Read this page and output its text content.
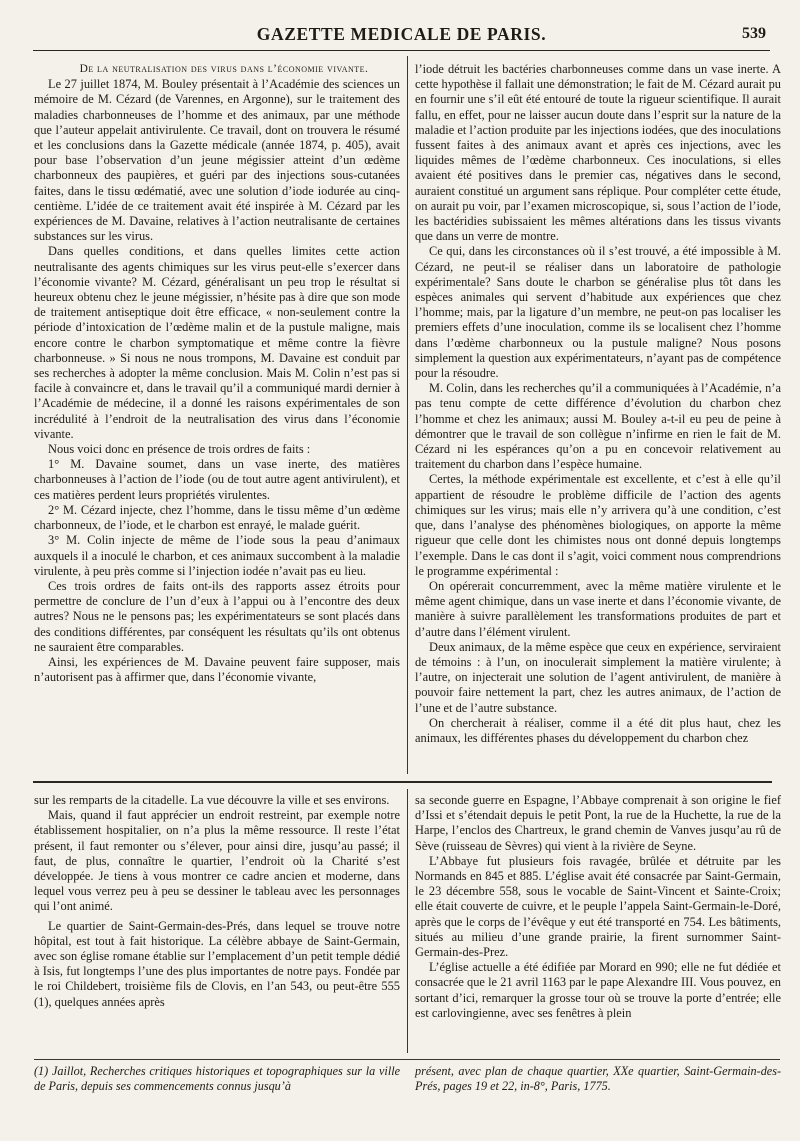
GAZETTE MEDICALE DE PARIS.	539

De la neutralisation des virus dans l’économie vivante.

Le 27 juillet 1874, M. Bouley présentait à l’Académie des sciences un mémoire de M. Cézard (de Varennes, en Argonne), sur le traitement des maladies charbonneuses de l’homme et des animaux, par une méthode que l’auteur appelait antivirulente. Ce travail, dont on trouvera le résumé et les conclusions dans la Gazette médicale (année 1874, p. 405), avait pour base l’observation d’un jeune mégissier atteint d’un œdème charbonneux des paupières, et guéri par des injections sous-cutanées faites, dans le tissu œdématié, avec une solution d’iode iodurée au cinq-centième. L’idée de ce traitement avait été inspirée à M. Cézard par les expériences de M. Davaine, relatives à l’action neutralisante de certaines substances sur les virus.

Dans quelles conditions, et dans quelles limites cette action neutralisante des agents chimiques sur les virus peut-elle s’exercer dans l’économie vivante? M. Cézard, généralisant un peu trop le résultat si heureux obtenu chez le jeune mégissier, n’hésite pas à dire que son mode de traitement antiseptique doit être efficace, « non-seulement contre la période d’intoxication de l’œdème malin et de la pustule maligne, mais encore contre le charbon symptomatique et même contre la fièvre charbonneuse. » Si nous ne nous trompons, M. Davaine est conduit par ses recherches à adopter la même conclusion. Mais M. Colin n’est pas si facile à convaincre et, dans le travail qu’il a communiqué mardi dernier à l’Académie de médecine, il a donné les raisons expérimentales de son incrédulité à l’endroit de la neutralisation des virus dans l’économie vivante.

Nous voici donc en présence de trois ordres de faits :

1° M. Davaine soumet, dans un vase inerte, des matières charbonneuses à l’action de l’iode (ou de tout autre agent antivirulent), et ces matières perdent leurs propriétés virulentes.

2° M. Cézard injecte, chez l’homme, dans le tissu même d’un œdème charbonneux, de l’iode, et le charbon est enrayé, le malade guérit.

3° M. Colin injecte de même de l’iode sous la peau d’animaux auxquels il a inoculé le charbon, et ces animaux succombent à la maladie virulente, à peu près comme si l’injection iodée n’avait pas eu lieu.

Ces trois ordres de faits ont-ils des rapports assez étroits pour permettre de conclure de l’un d’eux à l’appui ou à l’encontre des deux autres? Nous ne le pensons pas; les expérimentateurs se sont placés dans des conditions différentes, par conséquent les résultats qu’ils ont obtenus ne sauraient être comparables.

Ainsi, les expériences de M. Davaine peuvent faire supposer, mais n’autorisent pas à affirmer que, dans l’économie vivante,

l’iode détruit les bactéries charbonneuses comme dans un vase inerte. A cette hypothèse il fallait une démonstration; le fait de M. Cézard aurait pu en fournir une s’il eût été entouré de toute la rigueur scientifique. Il aurait fallu, en effet, pour ne laisser aucun doute dans l’esprit sur la nature de la maladie et l’action produite par les injections iodées, que des inoculations fussent faites à des animaux avant et après ces injections, avec les liquides mêmes de l’œdème charbonneux. Ces inoculations, si elles avaient été positives dans le premier cas, négatives dans le second, auraient constitué un argument sans réplique. Pour compléter cette étude, on aurait pu voir, par l’examen microscopique, si, sous l’action de l’iode, les bactéridies subissaient les mêmes altérations dans les tissus vivants que dans un verre de montre.

Ce qui, dans les circonstances où il s’est trouvé, a été impossible à M. Cézard, ne peut-il se réaliser dans un laboratoire de pathologie expérimentale? Sans doute le charbon se généralise plus tôt dans les espèces animales qui servent d’habitude aux expériences que chez l’homme; mais, par la ligature d’un membre, ne peut-on pas localiser les premiers effets d’une inoculation, comme ils se localisent chez l’homme dans l’œdème charbonneux ou la pustule maligne? Nous posons simplement la question aux expérimentateurs, n’ayant pas de compétence pour la résoudre.

M. Colin, dans les recherches qu’il a communiquées à l’Académie, n’a pas tenu compte de cette différence d’évolution du charbon chez l’homme et chez les animaux; aussi M. Bouley a-t-il eu peu de peine à démontrer que le travail de son collègue n’infirme en rien le fait de M. Cézard ni les espérances qu’on a pu en concevoir relativement au traitement du charbon dans l’espèce humaine.

Certes, la méthode expérimentale est excellente, et c’est à elle qu’il appartient de résoudre le problème difficile de l’action des agents chimiques sur les virus; mais elle n’y arrivera qu’à une condition, c’est que, dans l’analyse des phénomènes biologiques, on apporte la même rigueur que celle dont les chimistes nous ont donné depuis longtemps l’exemple. Dans le cas dont il s’agit, voici comment nous comprendrions le programme expérimental :

On opérerait concurremment, avec la même matière virulente et le même agent chimique, dans un vase inerte et dans l’économie vivante, de manière à suivre parallèlement les transformations produites de part et d’autre dans l’élément virulent.

Deux animaux, de la même espèce que ceux en expérience, serviraient de témoins : à l’un, on inoculerait simplement la matière virulente; à l’autre, on injecterait une solution de l’agent antivirulent, de manière à pouvoir faire nettement la part, chez les autres animaux, de l’action de l’une et de l’autre substance.

On chercherait à réaliser, comme il a été dit plus haut, chez les animaux, les différentes phases du développement du charbon chez

sur les remparts de la citadelle. La vue découvre la ville et ses environs.

Mais, quand il faut apprécier un endroit restreint, par exemple notre établissement hospitalier, on n’a plus la même ressource. Il reste l’état présent, il faut remonter ou s’élever, pour ainsi dire, jusqu’au passé; il faut, de plus, connaître le quartier, l’endroit où la Charité s’est développée. Je tiens à vous montrer ce cadre ancien et moderne, dans lequel vous verrez peu à peu se dessiner le tableau avec les personnages qui l’ont animé.

Le quartier de Saint-Germain-des-Prés, dans lequel se trouve notre hôpital, est tout à fait historique. La célèbre abbaye de Saint-Germain, avec son église romane établie sur l’emplacement d’un petit temple dédié à Isis, fut longtemps l’une des plus importantes de notre pays. Fondée par le roi Childebert, troisième fils de Clovis, en l’an 543, ou peut-être 555 (1), quelques années après

sa seconde guerre en Espagne, l’Abbaye comprenait à son origine le fief d’Issi et s’étendait depuis le petit Pont, la rue de la Huchette, la rue de la Harpe, l’enclos des Chartreux, le grand chemin de Vanves jusqu’au rû de Sève (ruisseau de Sèvres) qui vient à la rivière de Seyne.

L’Abbaye fut plusieurs fois ravagée, brûlée et détruite par les Normands en 845 et 885. L’église avait été consacrée par Saint-Germain, le 23 décembre 558, sous le vocable de Saint-Vincent et Sainte-Croix; elle était couverte de cuivre, et le peuple l’appela Saint-Germain-le-Doré, après que le corps de l’évêque y eut été transporté en 754. Les bâtiments, situés au milieu d’une grande prairie, la firent surnommer Saint-Germain-des-Prez.

L’église actuelle a été édifiée par Morard en 990; elle ne fut dédiée et consacrée que le 21 avril 1163 par le pape Alexandre III. Vous pouvez, en sortant d’ici, remarquer la grosse tour où se trouve la porte d’entrée; elle est carlovingienne, avec ses fenêtres à plein

(1) Jaillot, Recherches critiques historiques et topographiques sur la ville de Paris, depuis ses commencements connus jusqu’à
présent, avec plan de chaque quartier, XXe quartier, Saint-Germain-des-Prés, pages 19 et 22, in-8°, Paris, 1775.
